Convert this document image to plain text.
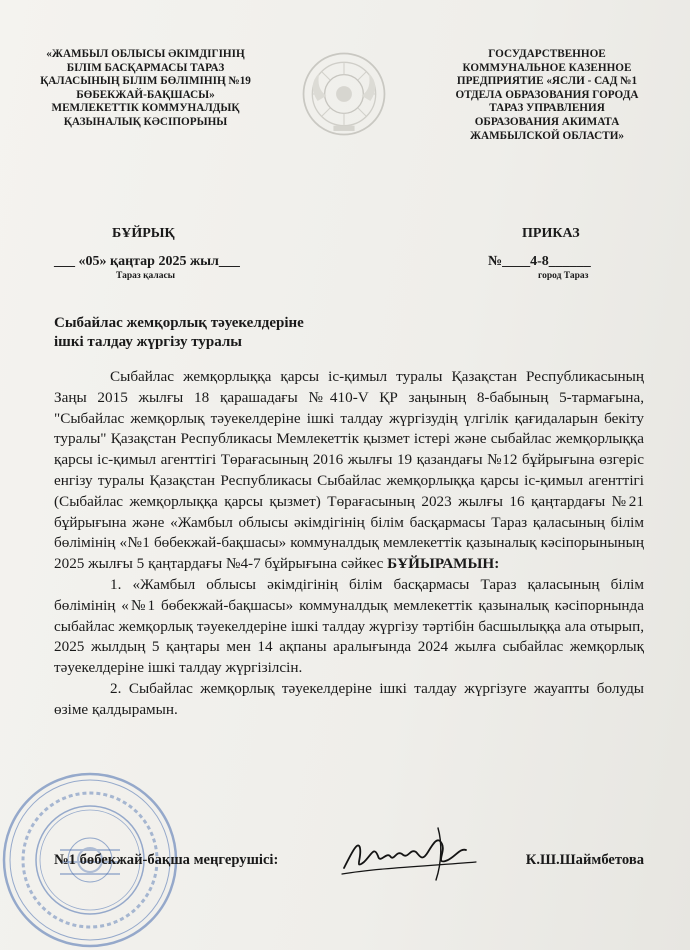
«ЖАМБЫЛ ОБЛЫСЫ ӘКІМДІГІНІҢ
БІЛІМ БАСҚАРМАСЫ ТАРАЗ
ҚАЛАСЫНЫҢ БІЛІМ БӨЛІМІНІҢ №19
БӨБЕКЖАЙ-БАҚШАСЫ»
МЕМЛЕКЕТТІК КОММУНАЛДЫҚ
ҚАЗЫНАЛЫҚ КӘСІПОРЫНЫ
ГОСУДАРСТВЕННОЕ
КОММУНАЛЬНОЕ КАЗЕННОЕ
ПРЕДПРИЯТИЕ «ЯСЛИ - САД №1
ОТДЕЛА ОБРАЗОВАНИЯ ГОРОДА
ТАРАЗ УПРАВЛЕНИЯ
ОБРАЗОВАНИЯ АКИМАТА
ЖАМБЫЛСКОЙ ОБЛАСТИ»
БҰЙРЫҚ	ПРИКАЗ
___ «05» қаңтар 2025 жыл___
Тараз қаласы
№____4-8______
город Тараз
Сыбайлас жемқорлық тәуекелдеріне
ішкі талдау жүргізу туралы

Сыбайлас жемқорлыққа қарсы іс-қимыл туралы Қазақстан Республикасының Заңы 2015 жылғы 18 қарашадағы №410-V ҚР заңының 8-бабының 5-тармағына, "Сыбайлас жемқорлық тәуекелдеріне ішкі талдау жүргізудің үлгілік қағидаларын бекіту туралы" Қазақстан Республикасы Мемлекеттік қызмет істері және сыбайлас жемқорлыққа қарсы іс-қимыл агенттігі Төрағасының 2016 жылғы 19 қазандағы №12 бұйрығына өзгеріс енгізу туралы Қазақстан Республикасы Сыбайлас жемқорлыққа қарсы іс-қимыл агенттігі (Сыбайлас жемқорлыққа қарсы қызмет) Төрағасының 2023 жылғы 16 қаңтардағы №21 бұйрығына және «Жамбыл облысы әкімдігінің білім басқармасы Тараз қаласының білім бөлімінің «№1 бөбекжай-бақшасы» коммуналдық мемлекеттік қазыналық кәсіпорынының 2025 жылғы 5 қаңтардағы №4-7 бұйрығына сәйкес БҰЙЫРАМЫН:

1. «Жамбыл облысы әкімдігінің білім басқармасы Тараз қаласының білім бөлімінің «№1 бөбекжай-бақшасы» коммуналдық мемлекеттік қазыналық кәсіпорнында сыбайлас жемқорлық тәуекелдеріне ішкі талдау жүргізу тәртібін басшылыққа ала отырып, 2025 жылдың 5 қаңтары мен 14 ақпаны аралығында 2024 жылға сыбайлас жемқорлық тәуекелдеріне ішкі талдау жүргізілсін.

2. Сыбайлас жемқорлық тәуекелдеріне ішкі талдау жүргізуге жауапты болуды өзіме қалдырамын.

№1 бөбекжай-бақша меңгерушісі:	К.Ш.Шаймбетова
